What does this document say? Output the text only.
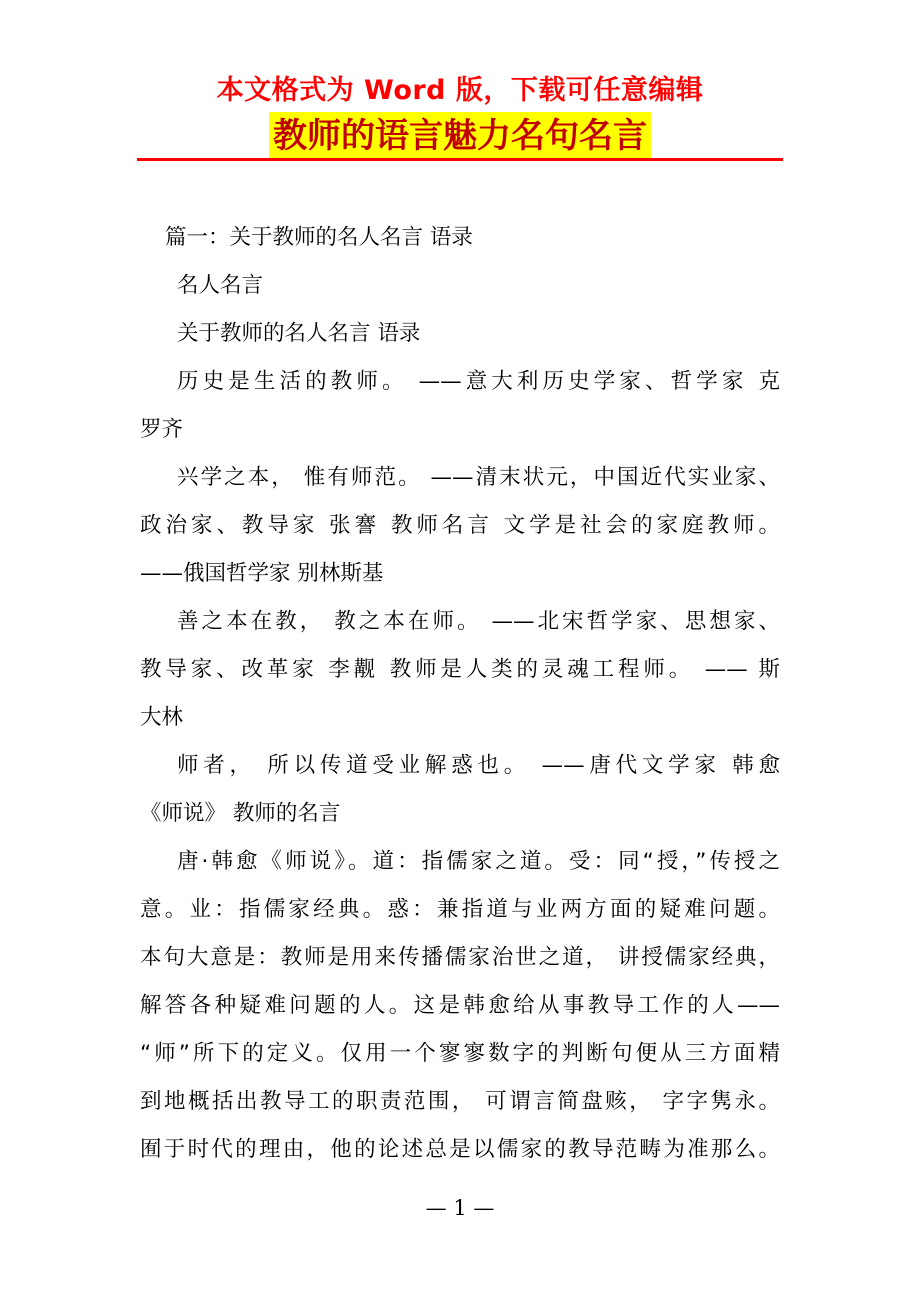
本文格式为 Word 版，下载可任意编辑
教师的语言魅力名句名言
篇一：关于教师的名人名言 语录
名人名言
关于教师的名人名言 语录
历史是生活的教师。 ——意大利历史学家、哲学家 克
罗齐
兴学之本， 惟有师范。 ——清末状元，中国近代实业家、
政治家、教导家 张謇 教师名言 文学是社会的家庭教师。
——俄国哲学家 别林斯基
善之本在教， 教之本在师。 ——北宋哲学家、思想家、
教导家、改革家 李觏 教师是人类的灵魂工程师。 —— 斯
大林
师者， 所以传道受业解惑也。 ——唐代文学家 韩愈
《师说》 教师的名言
唐·韩愈《师说》。道：指儒家之道。受：同“授，”传授之
意。业：指儒家经典。惑：兼指道与业两方面的疑难问题。
本句大意是：教师是用来传播儒家治世之道， 讲授儒家经典，
解答各种疑难问题的人。这是韩愈给从事教导工作的人——
“师”所下的定义。仅用一个寥寥数字的判断句便从三方面精
到地概括出教导工的职责范围， 可谓言简盘赅， 字字隽永。
囿于时代的理由，他的论述总是以儒家的教导范畴为准那么。
— 1 —
